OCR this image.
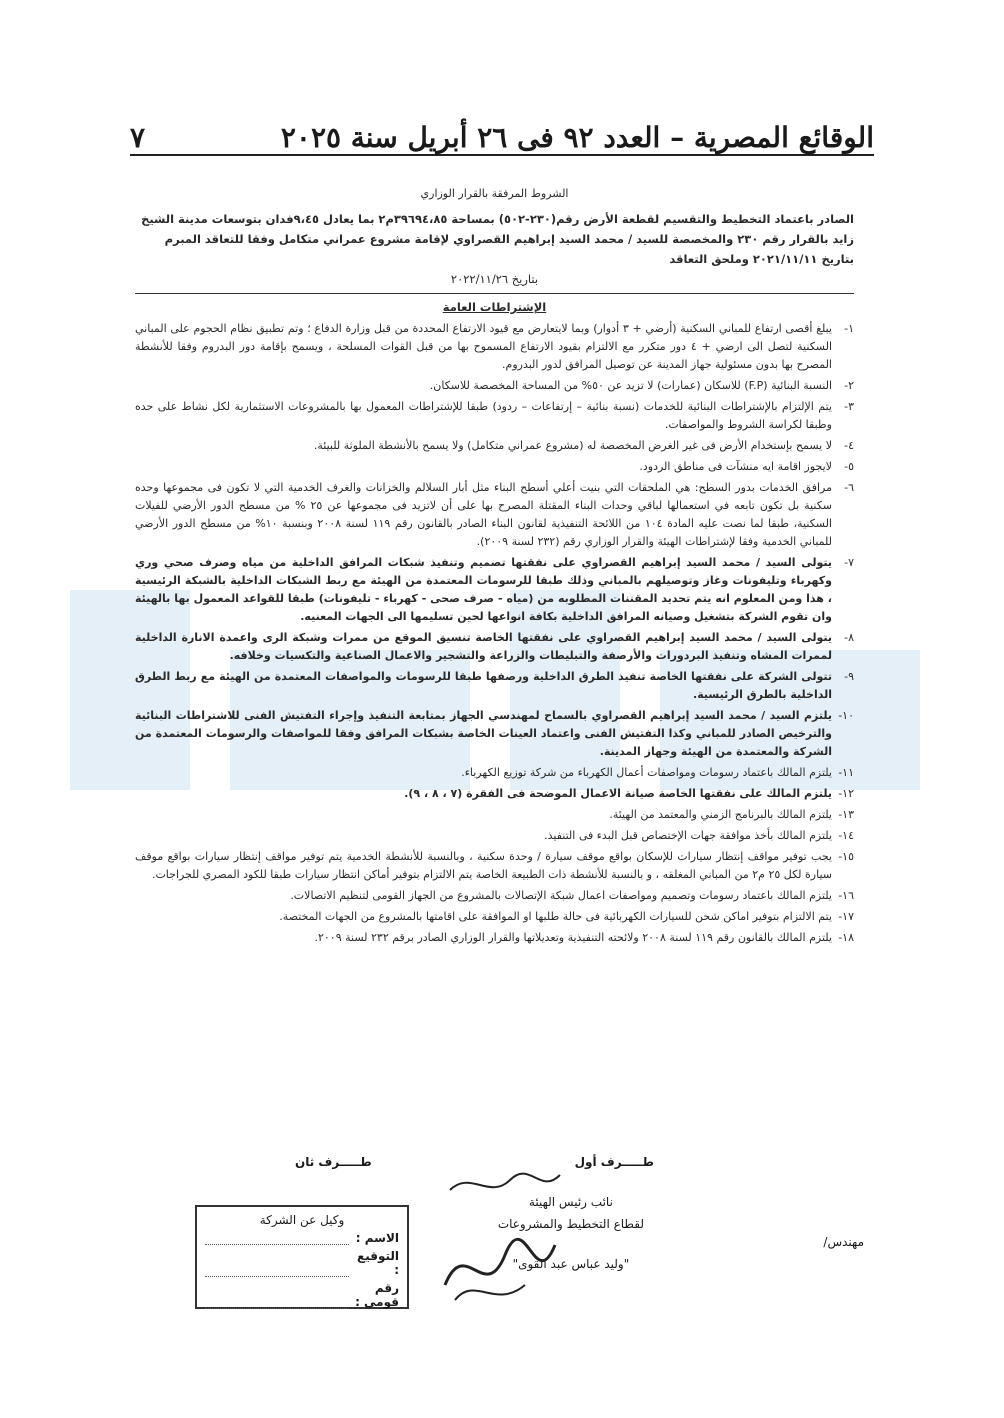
الوقائع المصرية – العدد ٩٢ فى ٢٦ أبريل سنة ٢٠٢٥
٧
الشروط المرفقة بالقرار الوزاري
الصادر باعتماد التخطيط والتقسيم لقطعة الأرض رقم(٢٣٠-٥٠٢) بمساحة ٣٩٦٩٤،٨٥م٢ بما يعادل ٩،٤٥فدان بتوسعات مدينة الشيخ زايد بالقرار رقم ٢٣٠ والمخصصة للسيد / محمد السيد إبراهيم القصراوي لإقامة مشروع عمراني متكامل وفقا للتعاقد المبرم بتاريخ ٢٠٢١/١١/١١ وملحق التعاقد
بتاريخ ٢٠٢٢/١١/٢٦
الإشتراطات العامة
١-
يبلغ أقصى ارتفاع للمباني السكنية (أرضي + ٣ أدوار) وبما لايتعارض مع قيود الارتفاع المحددة من قبل وزارة الدفاع ؛ وتم تطبيق نظام الحجوم على المباني السكنية لتصل الى ارضي + ٤ دور متكرر مع الالتزام بقيود الارتفاع المسموح بها من قبل القوات المسلحة ، ويسمح بإقامة دور البدروم وفقا للأنشطة المصرح بها بدون مسئولية جهاز المدينة عن توصيل المرافق لدور البدروم.
٢-
النسبة البنائية (F.P) للاسكان (عمارات) لا تزيد عن ٥٠% من المساحة المخصصة للاسكان.
٣-
يتم الإلتزام بالإشتراطات البنائية للخدمات (نسبة بنائية – إرتفاعات – ردود) طبقا للإشتراطات المعمول بها بالمشروعات الاستثمارية لكل نشاط على حده وطبقا لكراسة الشروط والمواصفات.
٤-
لا يسمح بإستخدام الأرض فى غير الغرض المخصصة له (مشروع عمراني متكامل) ولا يسمح بالأنشطة الملوثة للبيئة.
٥-
لايجوز اقامة ايه منشآت فى مناطق الردود.
٦-
مرافق الخدمات بدور السطح: هي الملحقات التي بنيت أعلي أسطح البناء مثل أبار السلالم والخزانات والغرف الخدمية التي لا تكون فى مجموعها وحده سكنية بل تكون تابعه في استعمالها لباقي وحدات البناء المقتلة المصرح بها على أن لاتزيد فى مجموعها عن ٢٥ % من مسطح الدور الأرضي للفيلات السكنية، طبقا لما نصت عليه المادة ١٠٤ من اللائحة التنفيذية لقانون البناء الصادر بالقانون رقم ١١٩ لسنة ٢٠٠٨ وبنسبة ١٠% من مسطح الدور الأرضي للمباني الخدمية وفقا لإشتراطات الهيئة والقرار الوزاري رقم (٢٣٢ لسنة ٢٠٠٩).
٧-
يتولى السيد / محمد السيد إبراهيم القصراوي على نفقتها تصميم وتنفيذ شبكات المرافق الداخلية من مياه وصرف صحي وري وكهرباء وتليفونات وغاز وتوصيلهم بالمباني وذلك طبقا للرسومات المعتمدة من الهيئة مع ربط الشبكات الداخلية بالشبكة الرئيسية ، هذا ومن المعلوم انه يتم تحديد المقننات المطلوبه من (مياه - صرف صحى - كهرباء - تليفونات) طبقا للقواعد المعمول بها بالهيئة وان تقوم الشركة بتشغيل وصيانه المرافق الداخلية بكافة انواعها لحين تسليمها الى الجهات المعنيه.
٨-
يتولى السيد / محمد السيد إبراهيم القصراوي على نفقتها الخاصة تنسيق الموقع من ممرات وشبكة الرى واعمدة الانارة الداخلية لممرات المشاه وتنفيذ البردورات والأرصفة والتبليطات والزراعة والتشجير والاعمال الصناعية والتكسيات وخلافه.
٩-
تتولى الشركة على نفقتها الخاصة تنفيذ الطرق الداخلية ورصفها طبقا للرسومات والمواصفات المعتمدة من الهيئة مع ربط الطرق الداخلية بالطرق الرئيسية.
١٠-
يلتزم السيد / محمد السيد إبراهيم القصراوي بالسماح لمهندسي الجهاز بمتابعة التنفيذ وإجراء التفتيش الفنى للاشتراطات البنائية والترخيص الصادر للمباني وكذا التفتيش الفنى واعتماد العينات الخاصة بشبكات المرافق وفقا للمواصفات والرسومات المعتمدة من الشركة والمعتمدة من الهيئة وجهاز المدينة.
١١-
يلتزم المالك باعتماد رسومات ومواصفات أعمال الكهرباء من شركة توزيع الكهرباء.
١٢-
يلتزم المالك على نفقتها الخاصة صيانة الاعمال الموضحة فى الفقرة (٧ ، ٨ ، ٩).
١٣-
يلتزم المالك بالبرنامج الزمني والمعتمد من الهيئة.
١٤-
يلتزم المالك بأخذ موافقة جهات الإختصاص قبل البدء فى التنفيذ.
١٥-
يجب توفير مواقف إنتظار سيارات للإسكان بواقع موقف سيارة / وحدة سكنية ، وبالنسبة للأنشطة الخدمية يتم توفير مواقف إنتظار سيارات بواقع موقف سيارة لكل ٢٥ م٢ من المباني المغلقه ، و بالنسبة للأنشطة ذات الطبيعة الخاصة يتم الالتزام بتوفير أماكن انتظار سيارات طبقا للكود المصري للجراجات.
١٦-
يلتزم المالك باعتماد رسومات وتصميم ومواصفات اعمال شبكة الإتصالات بالمشروع من الجهاز القومى لتنظيم الاتصالات.
١٧-
يتم الالتزام بتوفير اماكن شحن للسيارات الكهربائية فى حالة طلبها او الموافقة على اقامتها بالمشروع من الجهات المختصة.
١٨-
يلتزم المالك بالقانون رقم ١١٩ لسنة ٢٠٠٨ ولائحته التنفيذية وتعديلاتها والقرار الوزاري الصادر برقم ٢٣٢ لسنة ٢٠٠٩.
طـــــرف أول
طـــــرف ثان
نائب رئيس الهيئة
لقطاع التخطيط والمشروعات
"وليد عباس عبد القوى"
مهندس/
وكيل عن الشركة
الاسم :
التوقيع :
رقم قومي :
